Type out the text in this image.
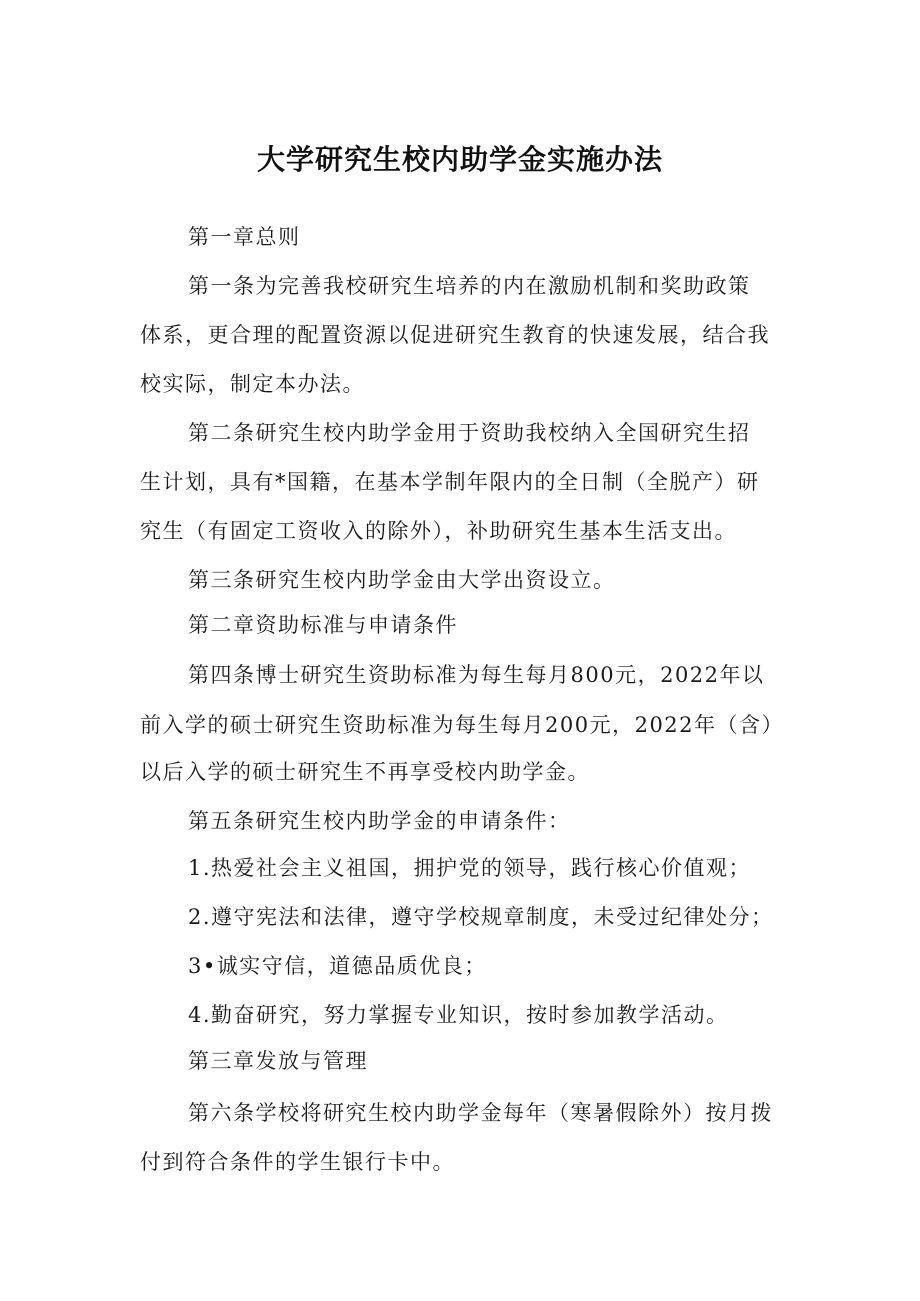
大学研究生校内助学金实施办法

第一章总则

第一条为完善我校研究生培养的内在激励机制和奖助政策

体系，更合理的配置资源以促进研究生教育的快速发展，结合我

校实际，制定本办法。

第二条研究生校内助学金用于资助我校纳入全国研究生招

生计划，具有*国籍，在基本学制年限内的全日制（全脱产）研

究生（有固定工资收入的除外），补助研究生基本生活支出。

第三条研究生校内助学金由大学出资设立。

第二章资助标准与申请条件

第四条博士研究生资助标准为每生每月800元，2022年以

前入学的硕士研究生资助标准为每生每月200元，2022年（含）

以后入学的硕士研究生不再享受校内助学金。

第五条研究生校内助学金的申请条件：

1.热爱社会主义祖国，拥护党的领导，践行核心价值观；

2.遵守宪法和法律，遵守学校规章制度，未受过纪律处分；

3•诚实守信，道德品质优良；

4.勤奋研究，努力掌握专业知识，按时参加教学活动。

第三章发放与管理

第六条学校将研究生校内助学金每年（寒暑假除外）按月拨

付到符合条件的学生银行卡中。
